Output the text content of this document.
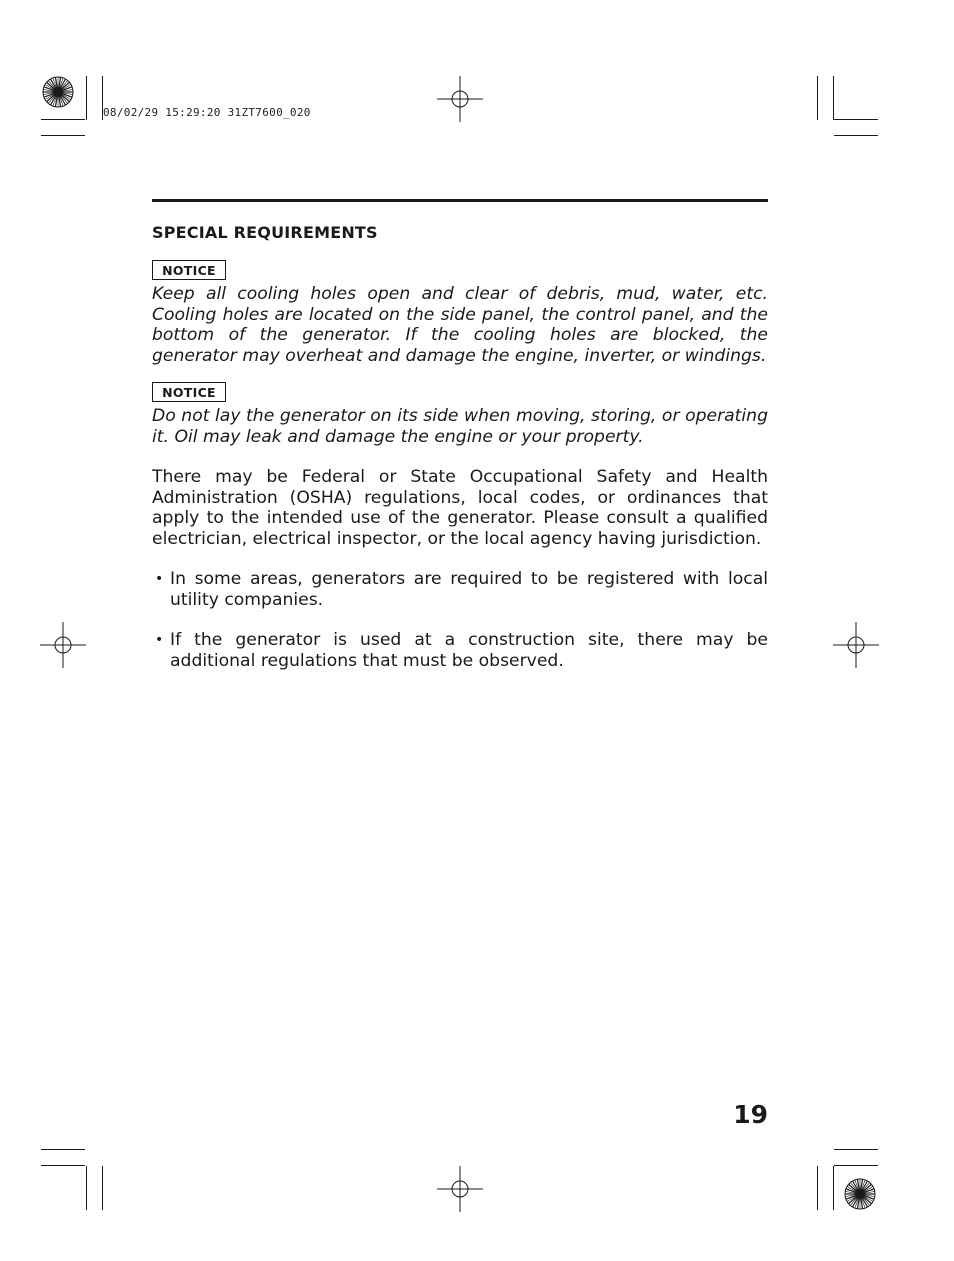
08/02/29 15:29:20 31ZT7600_020
SPECIAL REQUIREMENTS
NOTICE

Keep all cooling holes open and clear of debris, mud, water, etc. Cooling holes are located on the side panel, the control panel, and the bottom of the generator. If the cooling holes are blocked, the generator may overheat and damage the engine, inverter, or windings.

NOTICE

Do not lay the generator on its side when moving, storing, or operating it. Oil may leak and damage the engine or your property.

There may be Federal or State Occupational Safety and Health Administration (OSHA) regulations, local codes, or ordinances that apply to the intended use of the generator. Please consult a qualified electrician, electrical inspector, or the local agency having jurisdiction.

• In some areas, generators are required to be registered with local utility companies.
• If the generator is used at a construction site, there may be additional regulations that must be observed.
19
